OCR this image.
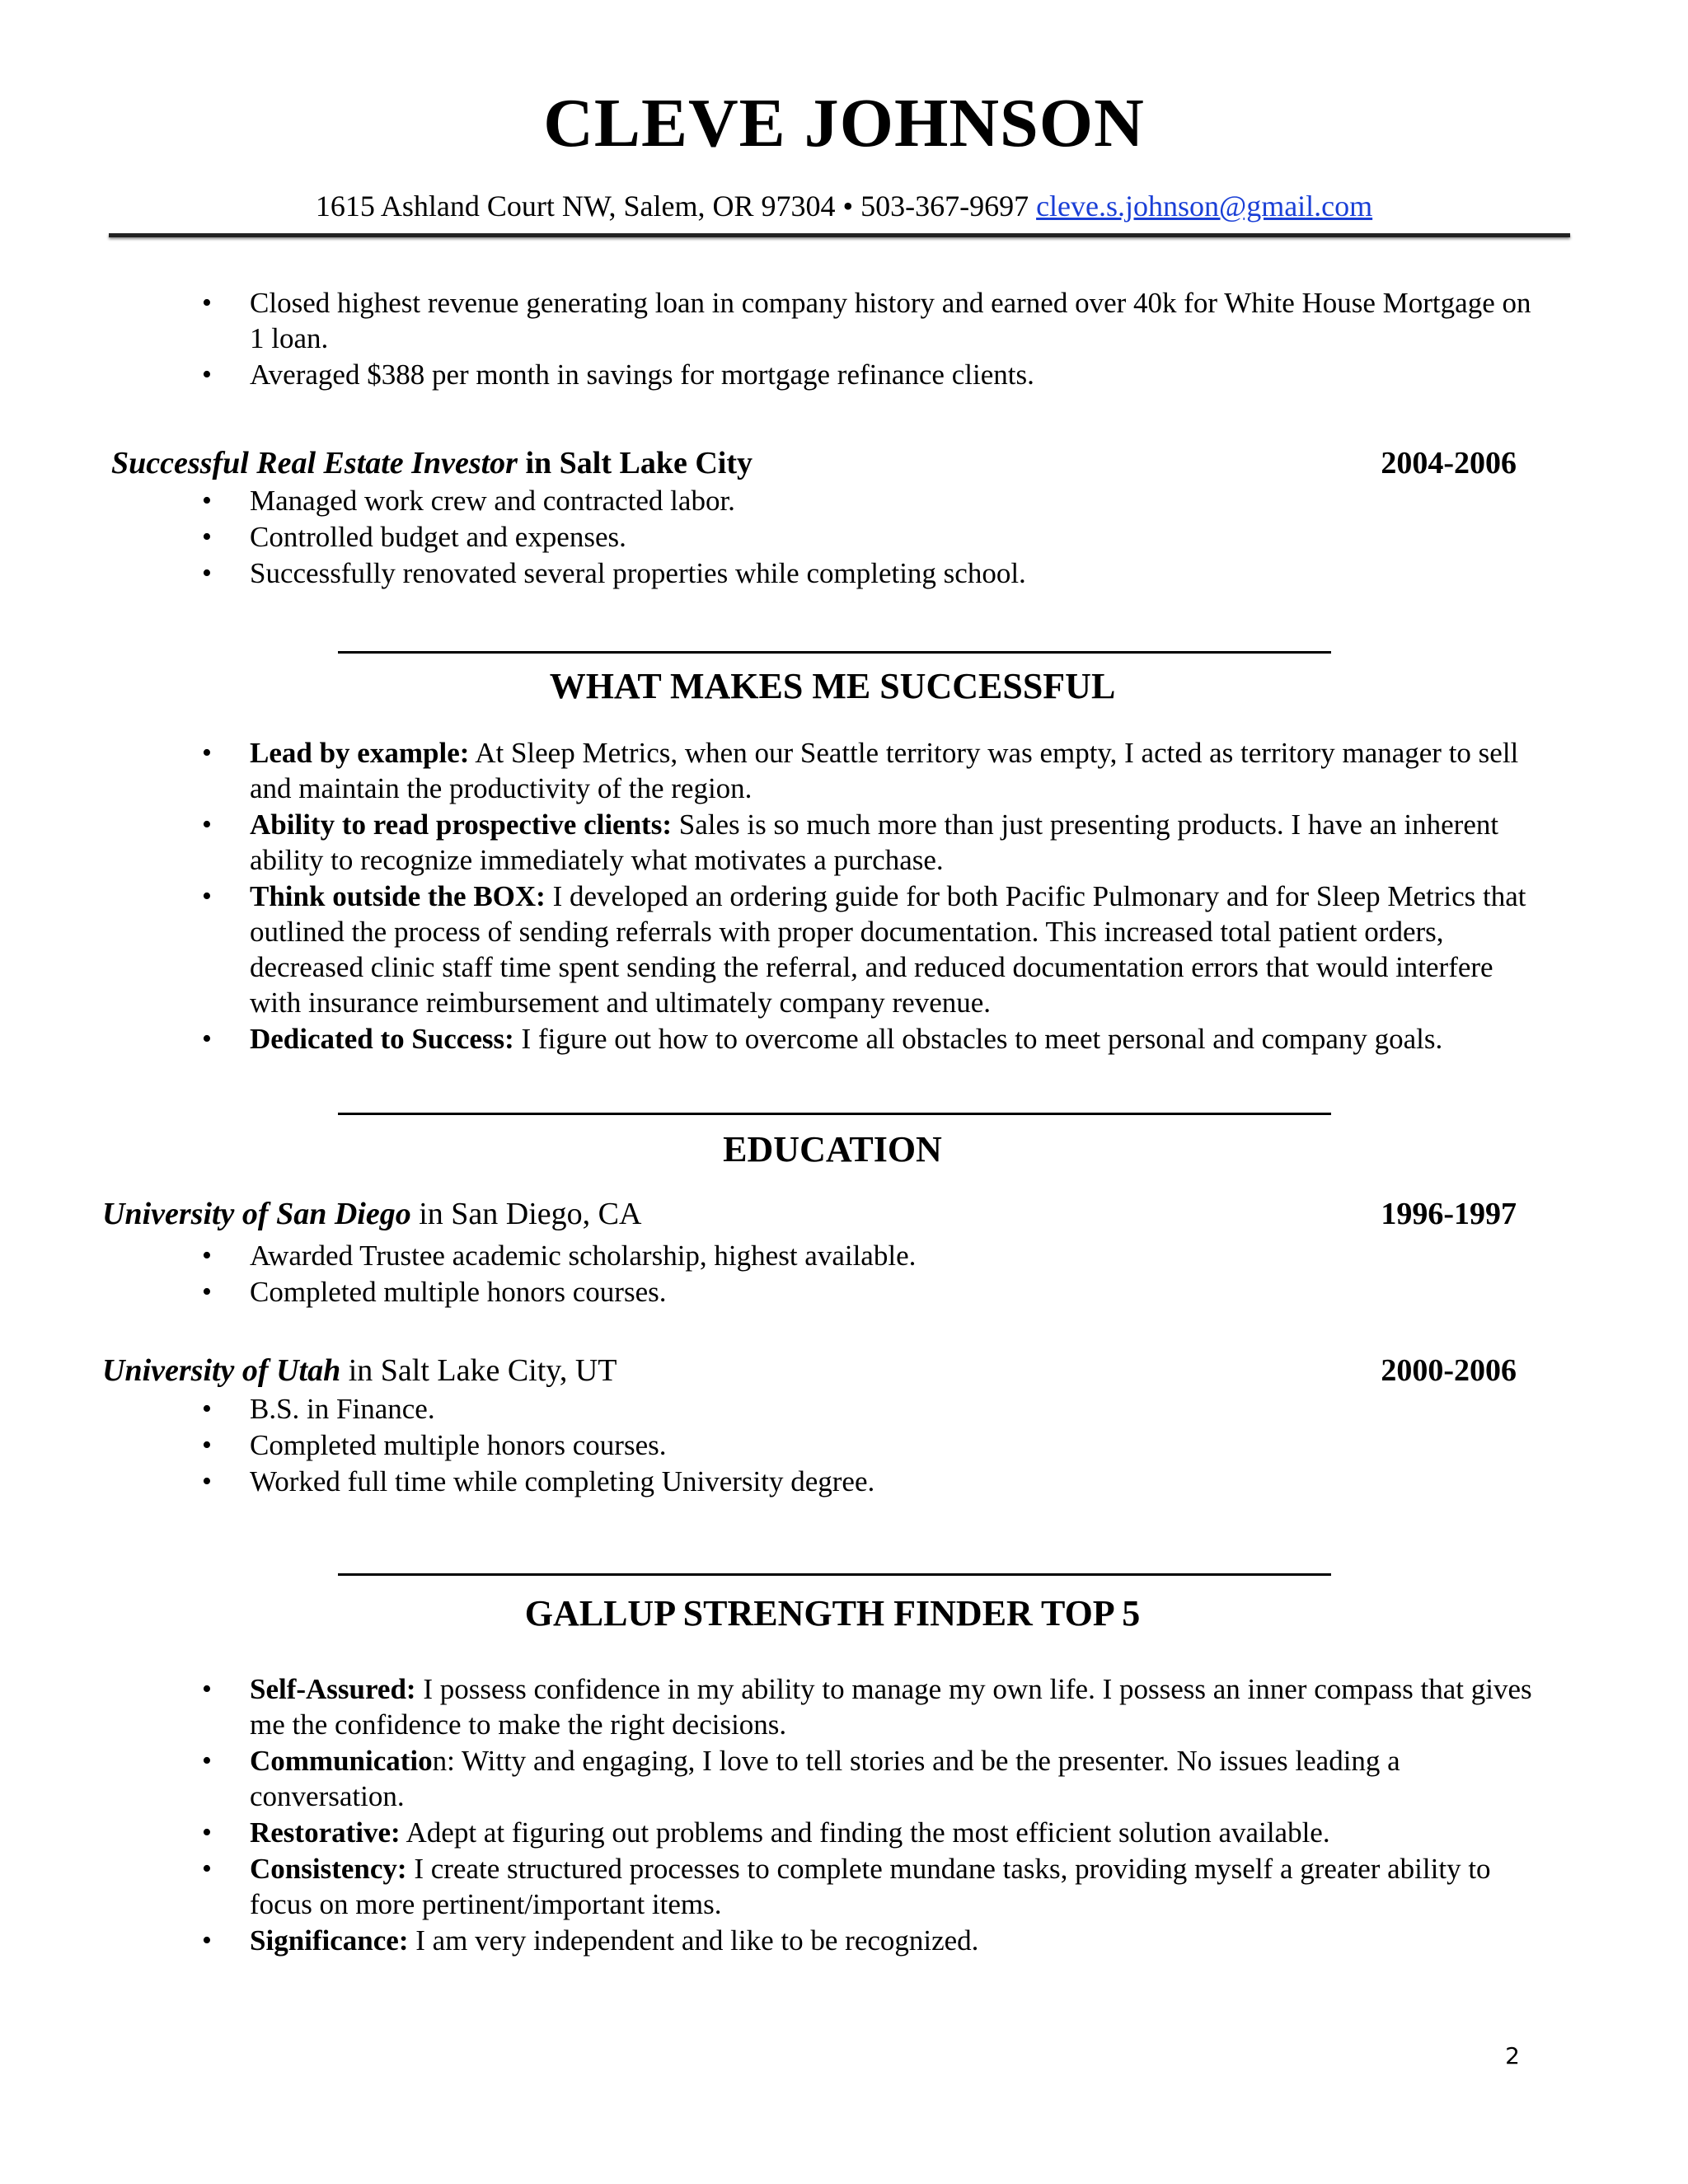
CLEVE JOHNSON
1615 Ashland Court NW, Salem, OR 97304 • 503-367-9697 cleve.s.johnson@gmail.com
• Closed highest revenue generating loan in company history and earned over 40k for White House Mortgage on 1 loan.
• Averaged $388 per month in savings for mortgage refinance clients.
Successful Real Estate Investor in Salt Lake City	2004-2006
• Managed work crew and contracted labor.
• Controlled budget and expenses.
• Successfully renovated several properties while completing school.
WHAT MAKES ME SUCCESSFUL
• Lead by example: At Sleep Metrics, when our Seattle territory was empty, I acted as territory manager to sell and maintain the productivity of the region.
• Ability to read prospective clients: Sales is so much more than just presenting products. I have an inherent ability to recognize immediately what motivates a purchase.
• Think outside the BOX: I developed an ordering guide for both Pacific Pulmonary and for Sleep Metrics that outlined the process of sending referrals with proper documentation. This increased total patient orders, decreased clinic staff time spent sending the referral, and reduced documentation errors that would interfere with insurance reimbursement and ultimately company revenue.
• Dedicated to Success: I figure out how to overcome all obstacles to meet personal and company goals.
EDUCATION
University of San Diego in San Diego, CA	1996-1997
• Awarded Trustee academic scholarship, highest available.
• Completed multiple honors courses.
University of Utah in Salt Lake City, UT	2000-2006
• B.S. in Finance.
• Completed multiple honors courses.
• Worked full time while completing University degree.
GALLUP STRENGTH FINDER TOP 5
• Self-Assured: I possess confidence in my ability to manage my own life. I possess an inner compass that gives me the confidence to make the right decisions.
• Communication: Witty and engaging, I love to tell stories and be the presenter. No issues leading a conversation.
• Restorative: Adept at figuring out problems and finding the most efficient solution available.
• Consistency: I create structured processes to complete mundane tasks, providing myself a greater ability to focus on more pertinent/important items.
• Significance: I am very independent and like to be recognized.
2
